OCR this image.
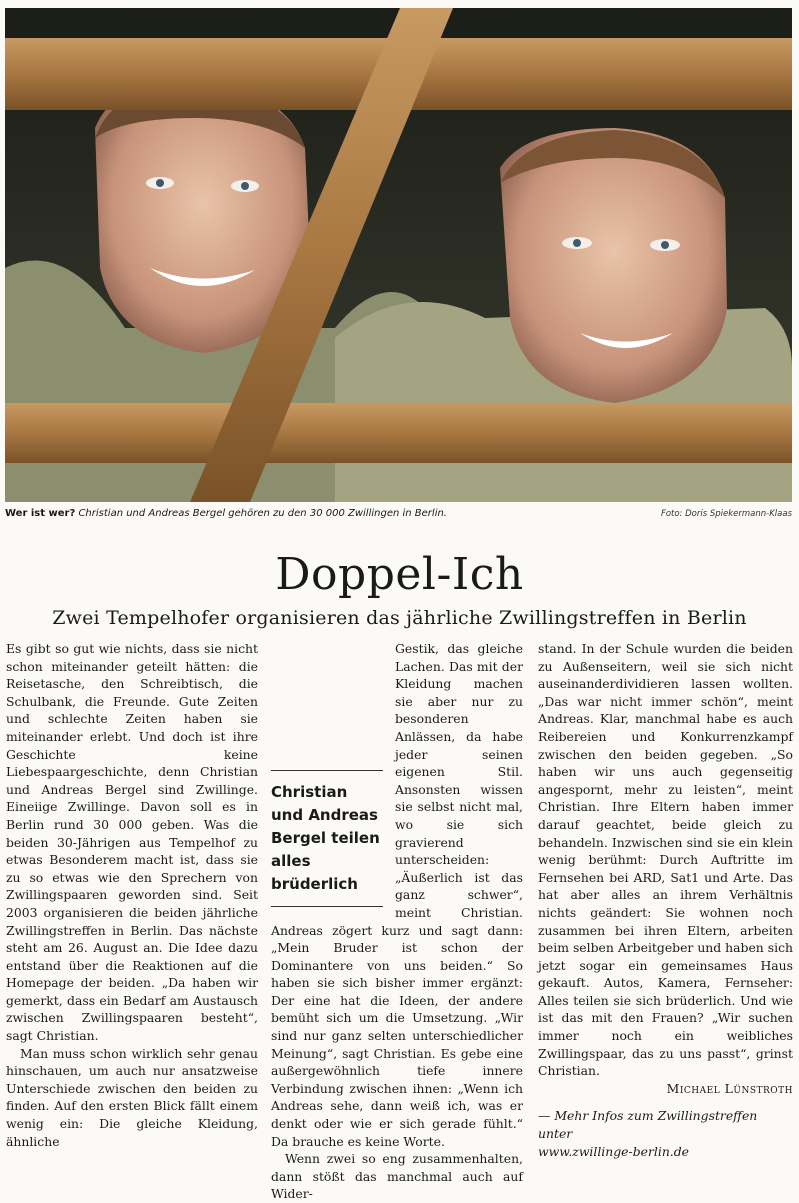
Wer ist wer? Christian und Andreas Bergel gehören zu den 30 000 Zwillingen in Berlin.	Foto: Doris Spiekermann-Klaas
Doppel-Ich
Zwei Tempelhofer organisieren das jährliche Zwillingstreffen in Berlin

Es gibt so gut wie nichts, dass sie nicht schon miteinander geteilt hätten: die Reisetasche, den Schreibtisch, die Schulbank, die Freunde. Gute Zeiten und schlechte Zeiten haben sie miteinander erlebt. Und doch ist ihre Geschichte keine Liebespaargeschichte, denn Christian und Andreas Bergel sind Zwillinge. Eineiige Zwillinge. Davon soll es in Berlin rund 30 000 geben. Was die beiden 30-Jährigen aus Tempelhof zu etwas Besonderem macht ist, dass sie zu so etwas wie den Sprechern von Zwillingspaaren geworden sind. Seit 2003 organisieren die beiden jährliche Zwillingstreffen in Berlin. Das nächste steht am 26. August an. Die Idee dazu entstand über die Reaktionen auf die Homepage der beiden. „Da haben wir gemerkt, dass ein Bedarf am Austausch zwischen Zwillingspaaren besteht“, sagt Christian.

Man muss schon wirklich sehr genau hinschauen, um auch nur ansatzweise Unterschiede zwischen den beiden zu finden. Auf den ersten Blick fällt einem wenig ein: Die gleiche Kleidung, ähnliche

Christian und Andreas Bergel teilen alles brüderlich

Gestik, das gleiche Lachen. Das mit der Kleidung machen sie aber nur zu besonderen Anlässen, da habe jeder seinen eigenen Stil. Ansonsten wissen sie selbst nicht mal, wo sie sich gravierend unterscheiden: „Äußerlich ist das ganz schwer“, meint Christian. Andreas zögert kurz und sagt dann: „Mein Bruder ist schon der Dominantere von uns beiden.“ So haben sie sich bisher immer ergänzt: Der eine hat die Ideen, der andere bemüht sich um die Umsetzung. „Wir sind nur ganz selten unterschiedlicher Meinung“, sagt Christian. Es gebe eine außergewöhnlich tiefe innere Verbindung zwischen ihnen: „Wenn ich Andreas sehe, dann weiß ich, was er denkt oder wie er sich gerade fühlt.“ Da brauche es keine Worte.

Wenn zwei so eng zusammenhalten, dann stößt das manchmal auch auf Wider-

stand. In der Schule wurden die beiden zu Außenseitern, weil sie sich nicht auseinanderdividieren lassen wollten. „Das war nicht immer schön“, meint Andreas. Klar, manchmal habe es auch Reibereien und Konkurrenzkampf zwischen den beiden gegeben. „So haben wir uns auch gegenseitig angespornt, mehr zu leisten“, meint Christian. Ihre Eltern haben immer darauf geachtet, beide gleich zu behandeln. Inzwischen sind sie ein klein wenig berühmt: Durch Auftritte im Fernsehen bei ARD, Sat1 und Arte. Das hat aber alles an ihrem Verhältnis nichts geändert: Sie wohnen noch zusammen bei ihren Eltern, arbeiten beim selben Arbeitgeber und haben sich jetzt sogar ein gemeinsames Haus gekauft. Autos, Kamera, Fernseher: Alles teilen sie sich brüderlich. Und wie ist das mit den Frauen? „Wir suchen immer noch ein weibliches Zwillingspaar, das zu uns passt“, grinst Christian.

Michael Lünstroth

— Mehr Infos zum Zwillingstreffen unter
www.zwillinge-berlin.de
